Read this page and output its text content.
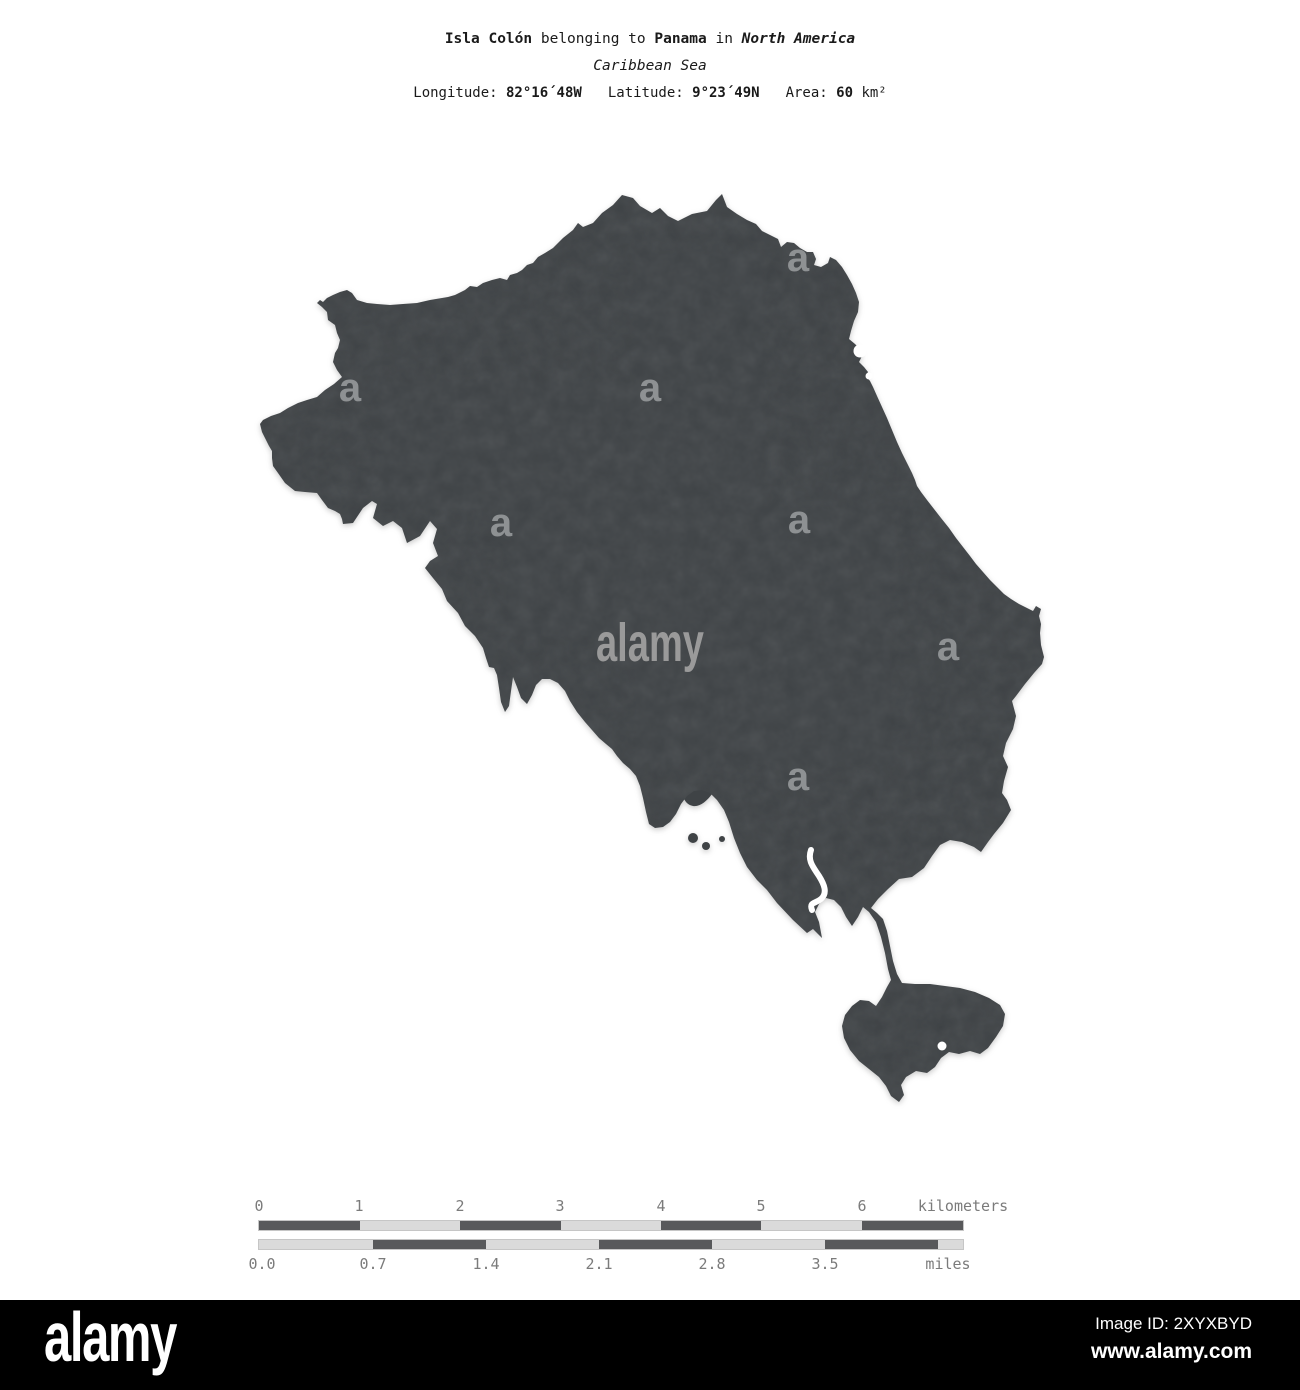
Isla Colón belonging to Panama in North America
Caribbean Sea
Longitude: 82°16´48W Latitude: 9°23´49N Area: 60 km²
a
a	a
a	a
a
a
alamy
0	1	2	3	4	5	6	kilometers
0.0	0.7	1.4	2.1	2.8	3.5	miles
alamy	Image ID: 2XYXBYD
www.alamy.com
